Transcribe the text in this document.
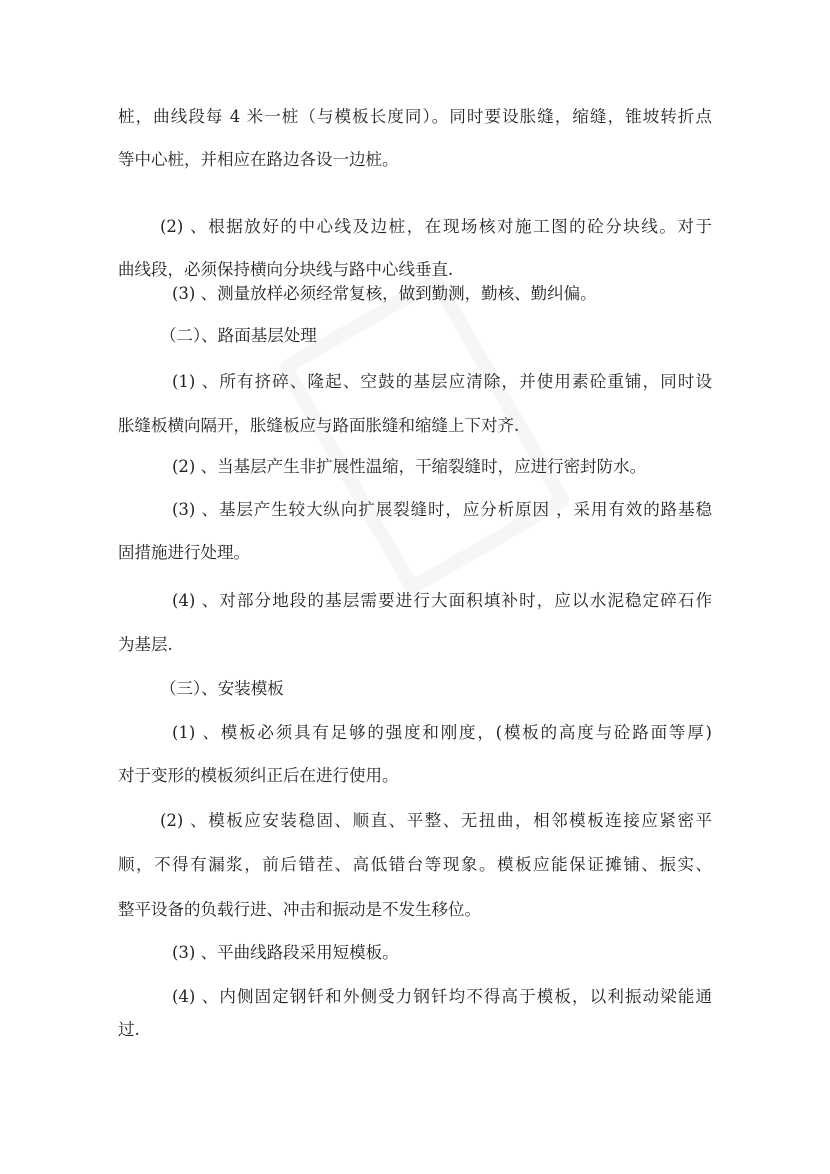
桩，曲线段每 4 米一桩（与模板长度同）。同时要设胀缝，缩缝，锥坡转折点
等中心桩，并相应在路边各设一边桩。
(2) 、根据放好的中心线及边桩，在现场核对施工图的砼分块线。对于
曲线段，必须保持横向分块线与路中心线垂直.
(3) 、测量放样必须经常复核，做到勤测，勤核、勤纠偏。
（二）、路面基层处理
(1) 、所有挤碎、隆起、空鼓的基层应清除，并使用素砼重铺，同时设
胀缝板横向隔开，胀缝板应与路面胀缝和缩缝上下对齐.
(2) 、当基层产生非扩展性温缩，干缩裂缝时，应进行密封防水。
(3) 、基层产生较大纵向扩展裂缝时，应分析原因 ，采用有效的路基稳
固措施进行处理。
(4) 、对部分地段的基层需要进行大面积填补时，应以水泥稳定碎石作
为基层.
（三）、安装模板
(1) 、模板必须具有足够的强度和刚度，(模板的高度与砼路面等厚)
对于变形的模板须纠正后在进行使用。
(2) 、模板应安装稳固、顺直、平整、无扭曲，相邻模板连接应紧密平
顺，不得有漏浆，前后错茬、高低错台等现象。模板应能保证摊铺、振实、
整平设备的负载行进、冲击和振动是不发生移位。
(3) 、平曲线路段采用短模板。
(4) 、内侧固定钢钎和外侧受力钢钎均不得高于模板，以利振动梁能通
过.
